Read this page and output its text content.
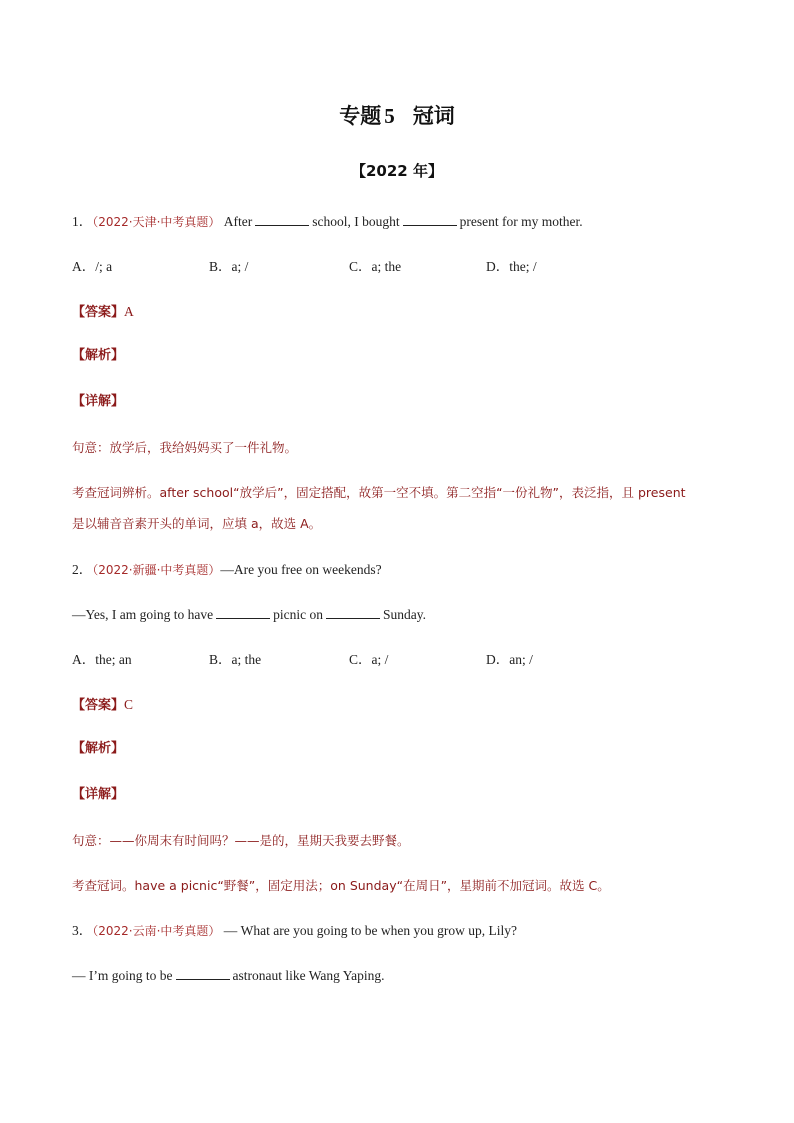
专题 5 冠词
【2022 年】
1．（2022·天津·中考真题） After	school, I bought	present for my mother.
A．/; a	B．a; /	C．a; the	D．the; /
【答案】A
【解析】
【详解】
句意：放学后，我给妈妈买了一件礼物。
考查冠词辨析。after school“放学后”，固定搭配，故第一空不填。第二空指“一份礼物”，表泛指，且 present
是以辅音音素开头的单词，应填 a，故选 A。
2．（2022·新疆·中考真题）—Are you free on weekends?
—Yes, I am going to have	picnic on	Sunday.
A．the; an	B．a; the	C．a; /	D．an; /
【答案】C
【解析】
【详解】
句意：——你周末有时间吗？——是的，星期天我要去野餐。
考查冠词。have a picnic“野餐”，固定用法；on Sunday“在周日”，星期前不加冠词。故选 C。
3．（2022·云南·中考真题） — What are you going to be when you grow up, Lily?
— I’m going to be	astronaut like Wang Yaping.
